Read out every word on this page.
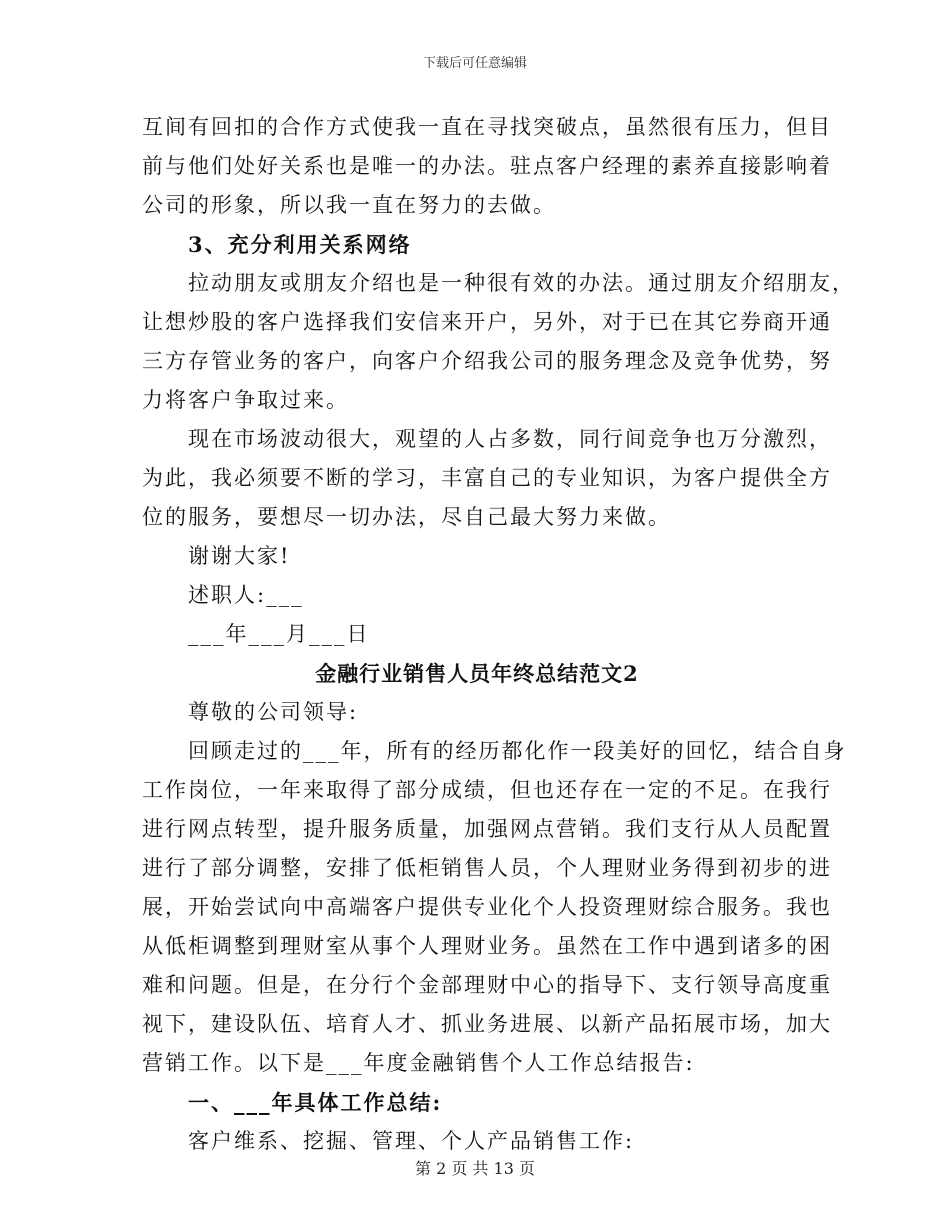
下载后可任意编辑
互间有回扣的合作方式使我一直在寻找突破点，虽然很有压力，但目
前与他们处好关系也是唯一的办法。驻点客户经理的素养直接影响着
公司的形象，所以我一直在努力的去做。
3、充分利用关系网络
拉动朋友或朋友介绍也是一种很有效的办法。通过朋友介绍朋友，
让想炒股的客户选择我们安信来开户，另外，对于已在其它券商开通
三方存管业务的客户，向客户介绍我公司的服务理念及竞争优势，努
力将客户争取过来。
现在市场波动很大，观望的人占多数，同行间竞争也万分激烈，
为此，我必须要不断的学习，丰富自己的专业知识，为客户提供全方
位的服务，要想尽一切办法，尽自己最大努力来做。
谢谢大家!
述职人:___
___年___月___日
金融行业销售人员年终总结范文2
尊敬的公司领导:
回顾走过的___年，所有的经历都化作一段美好的回忆，结合自身
工作岗位，一年来取得了部分成绩，但也还存在一定的不足。在我行
进行网点转型，提升服务质量，加强网点营销。我们支行从人员配置
进行了部分调整，安排了低柜销售人员，个人理财业务得到初步的进
展，开始尝试向中高端客户提供专业化个人投资理财综合服务。我也
从低柜调整到理财室从事个人理财业务。虽然在工作中遇到诸多的困
难和问题。但是，在分行个金部理财中心的指导下、支行领导高度重
视下，建设队伍、培育人才、抓业务进展、以新产品拓展市场，加大
营销工作。以下是___年度金融销售个人工作总结报告:
一、___年具体工作总结:
客户维系、挖掘、管理、个人产品销售工作:
第 2 页 共 13 页
